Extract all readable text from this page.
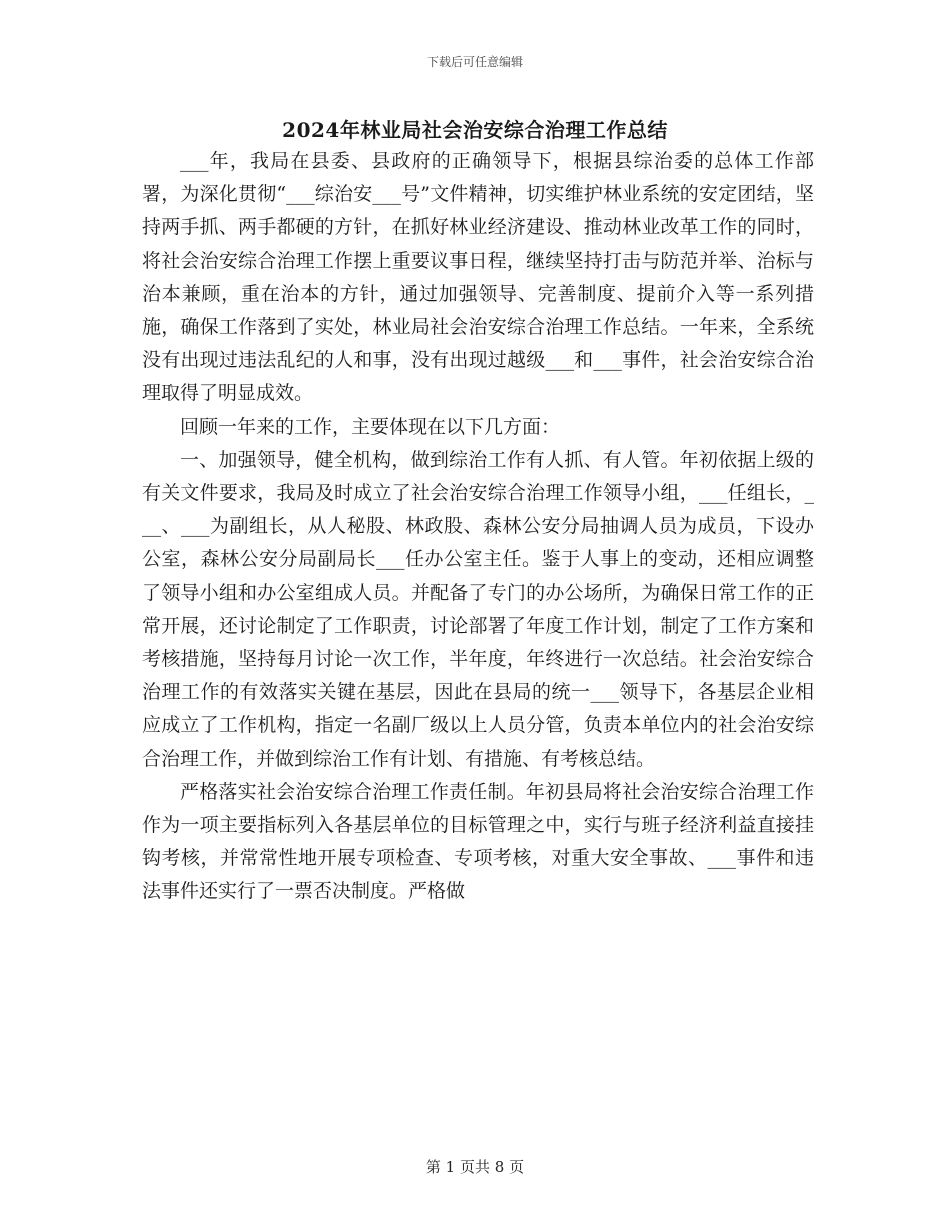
下载后可任意编辑
2024年林业局社会治安综合治理工作总结

___年，我局在县委、县政府的正确领导下，根据县综治委的总体工作部署，为深化贯彻“___综治安___号”文件精神，切实维护林业系统的安定团结，坚持两手抓、两手都硬的方针，在抓好林业经济建设、推动林业改革工作的同时，将社会治安综合治理工作摆上重要议事日程，继续坚持打击与防范并举、治标与治本兼顾，重在治本的方针，通过加强领导、完善制度、提前介入等一系列措施，确保工作落到了实处，林业局社会治安综合治理工作总结。一年来，全系统没有出现过违法乱纪的人和事，没有出现过越级___和___事件，社会治安综合治理取得了明显成效。

回顾一年来的工作，主要体现在以下几方面：

一、加强领导，健全机构，做到综治工作有人抓、有人管。年初依据上级的有关文件要求，我局及时成立了社会治安综合治理工作领导小组，___任组长，___、___为副组长，从人秘股、林政股、森林公安分局抽调人员为成员，下设办公室，森林公安分局副局长___任办公室主任。鉴于人事上的变动，还相应调整了领导小组和办公室组成人员。并配备了专门的办公场所，为确保日常工作的正常开展，还讨论制定了工作职责，讨论部署了年度工作计划，制定了工作方案和考核措施，坚持每月讨论一次工作，半年度，年终进行一次总结。社会治安综合治理工作的有效落实关键在基层，因此在县局的统一___领导下，各基层企业相应成立了工作机构，指定一名副厂级以上人员分管，负责本单位内的社会治安综合治理工作，并做到综治工作有计划、有措施、有考核总结。

严格落实社会治安综合治理工作责任制。年初县局将社会治安综合治理工作作为一项主要指标列入各基层单位的目标管理之中，实行与班子经济利益直接挂钩考核，并常常性地开展专项检查、专项考核，对重大安全事故、___事件和违法事件还实行了一票否决制度。严格做

第 1 页共 8 页
